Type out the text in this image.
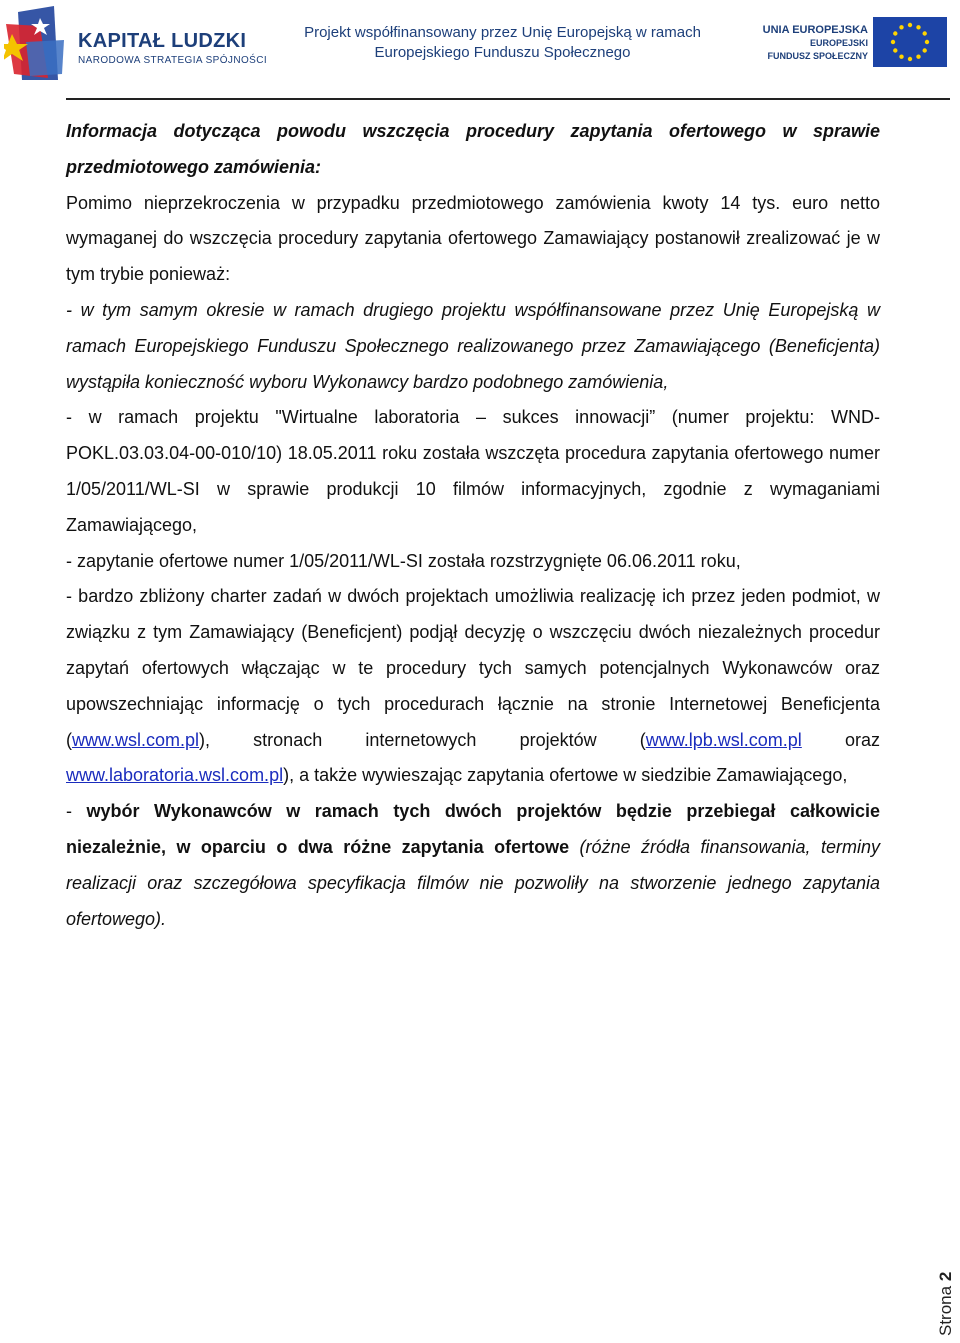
KAPITAŁ LUDZKI
NARODOWA STRATEGIA SPÓJNOŚCI
Projekt współfinansowany przez Unię Europejską w ramach
Europejskiego Funduszu Społecznego
UNIA EUROPEJSKA
EUROPEJSKI
FUNDUSZ SPOŁECZNY

Informacja dotycząca powodu wszczęcia procedury zapytania ofertowego w sprawie przedmiotowego zamówienia:

Pomimo nieprzekroczenia w przypadku przedmiotowego zamówienia kwoty 14 tys. euro netto wymaganej do wszczęcia procedury zapytania ofertowego Zamawiający postanowił zrealizować je w tym trybie ponieważ:

- w tym samym okresie w ramach drugiego projektu współfinansowane przez Unię Europejską w ramach Europejskiego Funduszu Społecznego realizowanego przez Zamawiającego (Beneficjenta) wystąpiła konieczność wyboru Wykonawcy bardzo podobnego zamówienia,

- w ramach projektu "Wirtualne laboratoria – sukces innowacji” (numer projektu: WND-POKL.03.03.04-00-010/10) 18.05.2011 roku została wszczęta procedura zapytania ofertowego numer 1/05/2011/WL-SI w sprawie produkcji 10 filmów informacyjnych, zgodnie z wymaganiami Zamawiającego,

- zapytanie ofertowe numer 1/05/2011/WL-SI została rozstrzygnięte 06.06.2011 roku,

- bardzo zbliżony charter zadań w dwóch projektach umożliwia realizację ich przez jeden podmiot, w związku z tym Zamawiający (Beneficjent) podjął decyzję o wszczęciu dwóch niezależnych procedur zapytań ofertowych włączając w te procedury tych samych potencjalnych Wykonawców oraz upowszechniając informację o tych procedurach łącznie na stronie Internetowej Beneficjenta (www.wsl.com.pl), stronach internetowych projektów (www.lpb.wsl.com.pl oraz www.laboratoria.wsl.com.pl), a także wywieszając zapytania ofertowe w siedzibie Zamawiającego,

- wybór Wykonawców w ramach tych dwóch projektów będzie przebiegał całkowicie niezależnie, w oparciu o dwa różne zapytania ofertowe (różne źródła finansowania, terminy realizacji oraz szczegółowa specyfikacja filmów nie pozwoliły na stworzenie jednego zapytania ofertowego).

Strona 2
